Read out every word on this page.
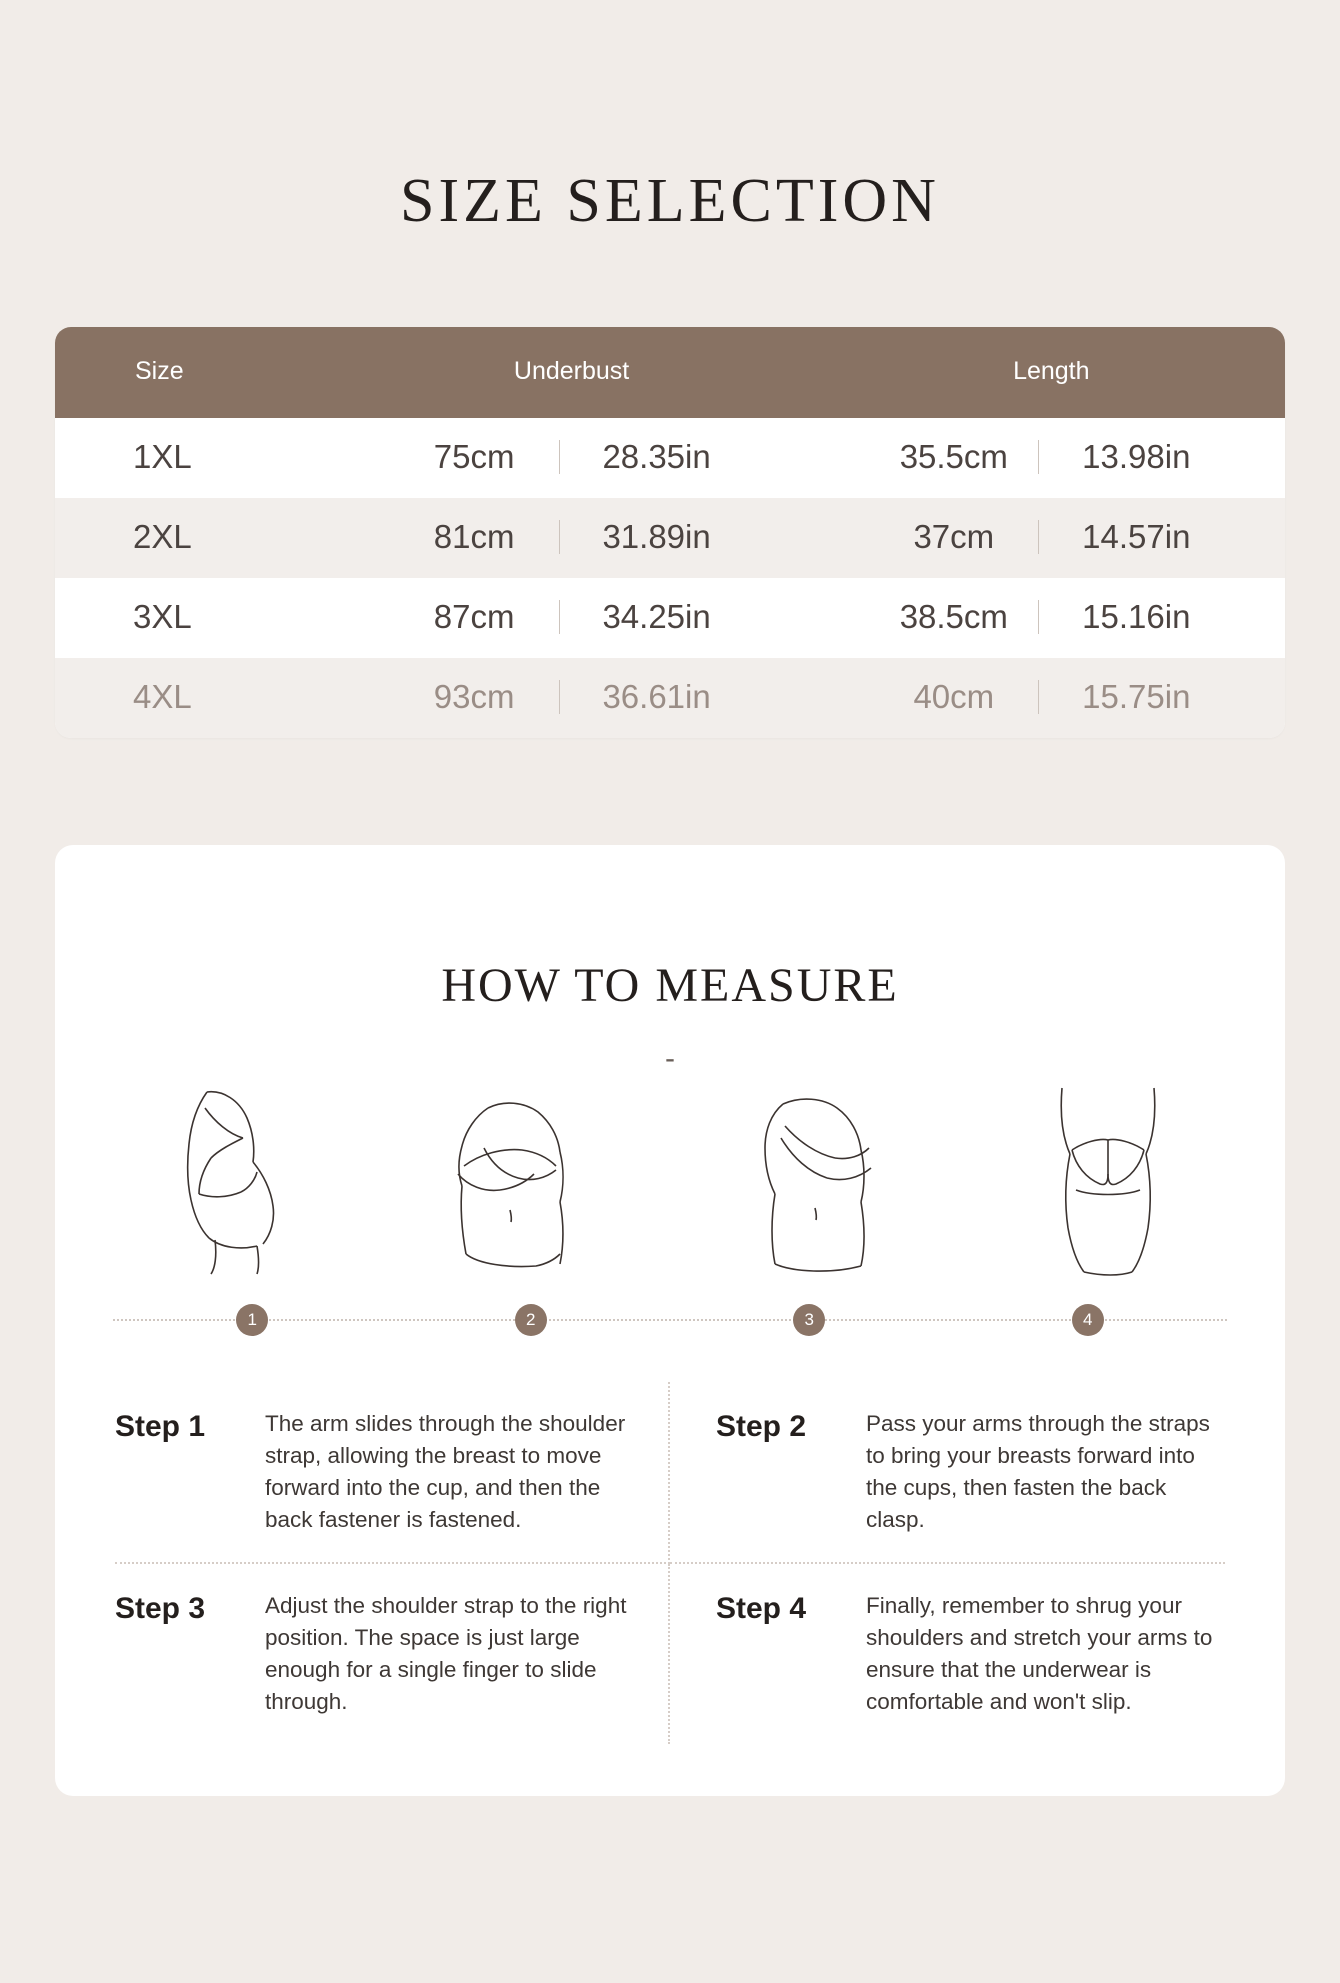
SIZE SELECTION
Size	Underbust	Length
1XL	75cm 28.35in	35.5cm 13.98in

2XL	81cm 31.89in	37cm 14.57in

3XL	87cm 34.25in	38.5cm 15.16in

4XL	93cm 36.61in	40cm 15.75in
HOW TO MEASURE
-
1	2	3	4
Step 1	The arm slides through the shoulder strap, allowing the breast to move forward into the cup, and then the back fastener is fastened.
Step 2	Pass your arms through the straps to bring your breasts forward into the cups, then fasten the back clasp.
Step 3	Adjust the shoulder strap to the right position. The space is just large enough for a single finger to slide through.
Step 4	Finally, remember to shrug your shoulders and stretch your arms to ensure that the underwear is comfortable and won't slip.
